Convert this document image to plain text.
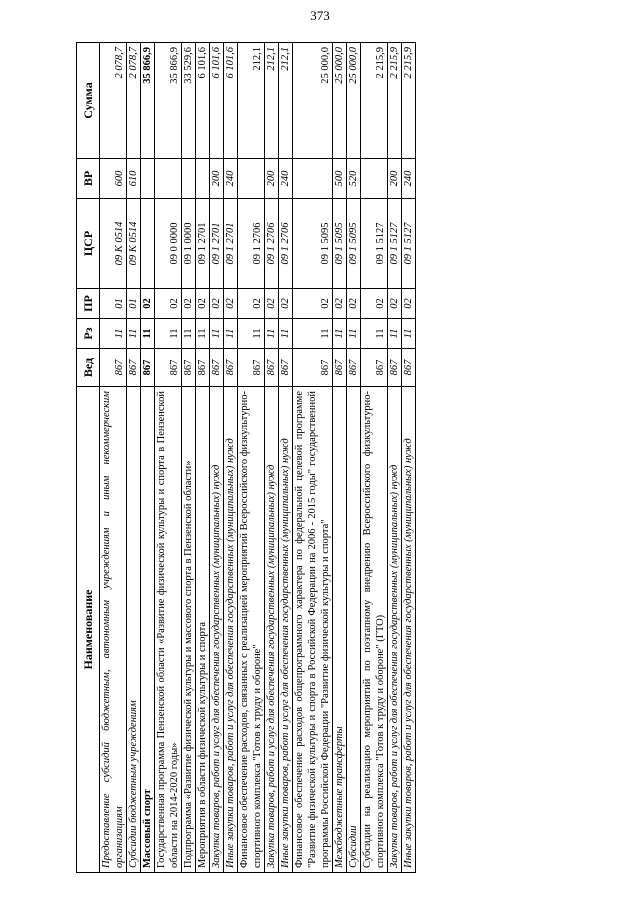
373
Наименование	Вед	Рз	ПР	ЦСР	ВР	Сумма
Предоставление субсидий бюджетным, автономным учреждениям и иным некоммерческим организациям	867	11	01	09 К 0514	600	2 078,7
Субсидии бюджетным учреждениям	867	11	01	09 К 0514	610	2 078,7
Массовый спорт	867	11	02			35 866,9
Государственная программа Пензенской области «Развитие физической культуры и спорта в Пензенской области на 2014-2020 годы»	867	11	02	09 0 0000		35 866,9
Подпрограмма «Развитие физической культуры и массового спорта в Пензенской области»	867	11	02	09 1 0000		33 529,6
Мероприятия в области физической культуры и спорта	867	11	02	09 1 2701		6 101,6
Закупка товаров, работ и услуг для обеспечения государственных (муниципальных) нужд	867	11	02	09 1 2701	200	6 101,6
Иные закупки товаров, работ и услуг для обеспечения государственных (муниципальных) нужд	867	11	02	09 1 2701	240	6 101,6
Финансовое обеспечение расходов, связанных с реализацией мероприятий Всероссийского физкультурно-спортивного комплекса "Готов к труду и обороне"	867	11	02	09 1 2706		212,1
Закупка товаров, работ и услуг для обеспечения государственных (муниципальных) нужд	867	11	02	09 1 2706	200	212,1
Иные закупки товаров, работ и услуг для обеспечения государственных (муниципальных) нужд	867	11	02	09 1 2706	240	212,1
Финансовое обеспечение расходов общепрограммного характера по федеральной целевой программе "Развитие физической культуры и спорта в Российской Федерации на 2006 - 2015 годы" государственной программы Российской Федерации "Развитие физической культуры и спорта"	867	11	02	09 1 5095		25 000,0
Межбюджетные трансферты	867	11	02	09 1 5095	500	25 000,0
Субсидии	867	11	02	09 1 5095	520	25 000,0
Субсидии на реализацию мероприятий по поэтапному внедрению Всероссийского физкультурно-спортивного комплекса "Готов к труду и обороне" (ГТО)	867	11	02	09 1 5127		2 215,9
Закупка товаров, работ и услуг для обеспечения государственных (муниципальных) нужд	867	11	02	09 1 5127	200	2 215,9
Иные закупки товаров, работ и услуг для обеспечения государственных (муниципальных) нужд	867	11	02	09 1 5127	240	2 215,9
